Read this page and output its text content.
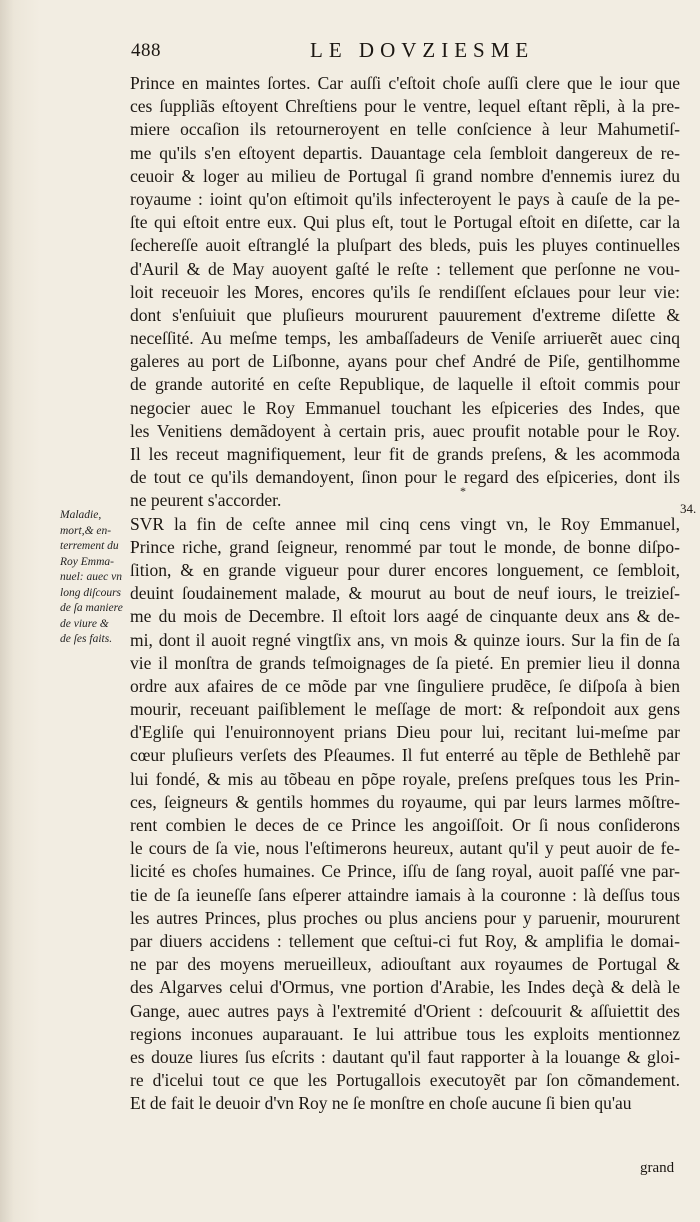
488	LE DOVZIESME
Maladie,
mort,& en-
terrement du
Roy Emma-
nuel: auec vn
long diſcours
de ſa maniere
de viure &
de ſes faits.
34.
*
Prince en maintes ſortes. Car auſſi c'eſtoit choſe auſſi clere que le iour que
ces ſuppliãs eſtoyent Chreſtiens pour le ventre, lequel eſtant rẽpli, à la pre-
miere occaſion ils retourneroyent en telle conſcience à leur Mahumetiſ-
me qu'ils s'en eſtoyent departis. Dauantage cela ſembloit dangereux de re-
ceuoir & loger au milieu de Portugal ſi grand nombre d'ennemis iurez du
royaume : ioint qu'on eſtimoit qu'ils infecteroyent le pays à cauſe de la pe-
ſte qui eſtoit entre eux. Qui plus eſt, tout le Portugal eſtoit en diſette, car la
ſechereſſe auoit eſtranglé la pluſpart des bleds, puis les pluyes continuelles
d'Auril & de May auoyent gaſté le reſte : tellement que perſonne ne vou-
loit receuoir les Mores, encores qu'ils ſe rendiſſent eſclaues pour leur vie:
dont s'enſuiuit que pluſieurs moururent pauurement d'extreme diſette &
neceſſité. Au meſme temps, les ambaſſadeurs de Veniſe arriuerẽt auec cinq
galeres au port de Liſbonne, ayans pour chef André de Piſe, gentilhomme
de grande autorité en ceſte Republique, de laquelle il eſtoit commis pour
negocier auec le Roy Emmanuel touchant les eſpiceries des Indes, que
les Venitiens demãdoyent à certain pris, auec proufit notable pour le Roy.
Il les receut magnifiquement, leur fit de grands preſens, & les acommoda
de tout ce qu'ils demandoyent, ſinon pour le regard des eſpiceries, dont ils
ne peurent s'accorder.
SVR la fin de ceſte annee mil cinq cens vingt vn, le Roy Emmanuel,
Prince riche, grand ſeigneur, renommé par tout le monde, de bonne diſpo-
ſition, & en grande vigueur pour durer encores longuement, ce ſembloit,
deuint ſoudainement malade, & mourut au bout de neuf iours, le treizieſ-
me du mois de Decembre. Il eſtoit lors aagé de cinquante deux ans & de-
mi, dont il auoit regné vingtſix ans, vn mois & quinze iours. Sur la fin de ſa
vie il monſtra de grands teſmoignages de ſa pieté. En premier lieu il donna
ordre aux afaires de ce mõde par vne ſinguliere prudẽce, ſe diſpoſa à bien
mourir, receuant paiſiblement le meſſage de mort: & reſpondoit aux gens
d'Egliſe qui l'enuironnoyent prians Dieu pour lui, recitant lui-meſme par
cœur pluſieurs verſets des Pſeaumes. Il fut enterré au tẽple de Bethlehẽ par
lui fondé, & mis au tõbeau en põpe royale, preſens preſques tous les Prin-
ces, ſeigneurs & gentils hommes du royaume, qui par leurs larmes mõſtre-
rent combien le deces de ce Prince les angoiſſoit. Or ſi nous conſiderons
le cours de ſa vie, nous l'eſtimerons heureux, autant qu'il y peut auoir de fe-
licité es choſes humaines. Ce Prince, iſſu de ſang royal, auoit paſſé vne par-
tie de ſa ieuneſſe ſans eſperer attaindre iamais à la couronne : là deſſus tous
les autres Princes, plus proches ou plus anciens pour y paruenir, moururent
par diuers accidens : tellement que ceſtui-ci fut Roy, & amplifia le domai-
ne par des moyens merueilleux, adiouſtant aux royaumes de Portugal &
des Algarves celui d'Ormus, vne portion d'Arabie, les Indes deçà & delà le
Gange, auec autres pays à l'extremité d'Orient : deſcouurit & aſſuiettit des
regions inconues auparauant. Ie lui attribue tous les exploits mentionnez
es douze liures ſus eſcrits : dautant qu'il faut rapporter à la louange & gloi-
re d'icelui tout ce que les Portugallois executoyẽt par ſon cõmandement.
Et de fait le deuoir d'vn Roy ne ſe monſtre en choſe aucune ſi bien qu'au
grand
